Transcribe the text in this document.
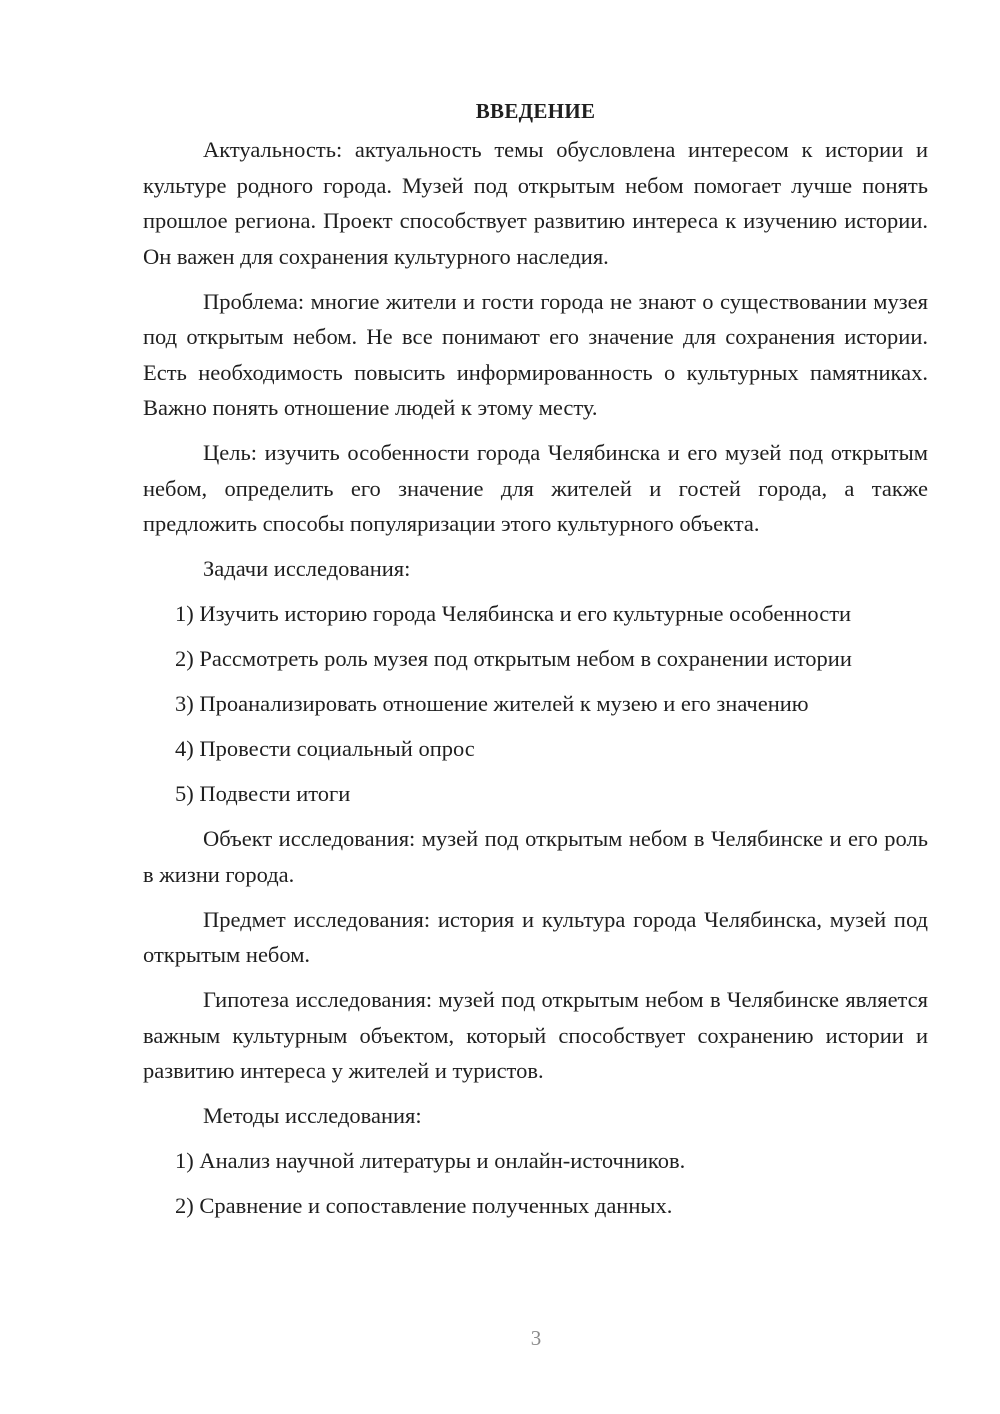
ВВЕДЕНИЕ

Актуальность: актуальность темы обусловлена интересом к истории и культуре родного города. Музей под открытым небом помогает лучше понять прошлое региона. Проект способствует развитию интереса к изучению истории. Он важен для сохранения культурного наследия.

Проблема: многие жители и гости города не знают о существовании музея под открытым небом. Не все понимают его значение для сохранения истории. Есть необходимость повысить информированность о культурных памятниках. Важно понять отношение людей к этому месту.

Цель: изучить особенности города Челябинска и его музей под открытым небом, определить его значение для жителей и гостей города, а также предложить способы популяризации этого культурного объекта.

Задачи исследования:

1) Изучить историю города Челябинска и его культурные особенности

2) Рассмотреть роль музея под открытым небом в сохранении истории

3) Проанализировать отношение жителей к музею и его значению

4) Провести социальный опрос

5) Подвести итоги

Объект исследования: музей под открытым небом в Челябинске и его роль в жизни города.

Предмет исследования: история и культура города Челябинска, музей под открытым небом.

Гипотеза исследования: музей под открытым небом в Челябинске является важным культурным объектом, который способствует сохранению истории и развитию интереса у жителей и туристов.

Методы исследования:

1) Анализ научной литературы и онлайн-источников.

2) Сравнение и сопоставление полученных данных.

3
